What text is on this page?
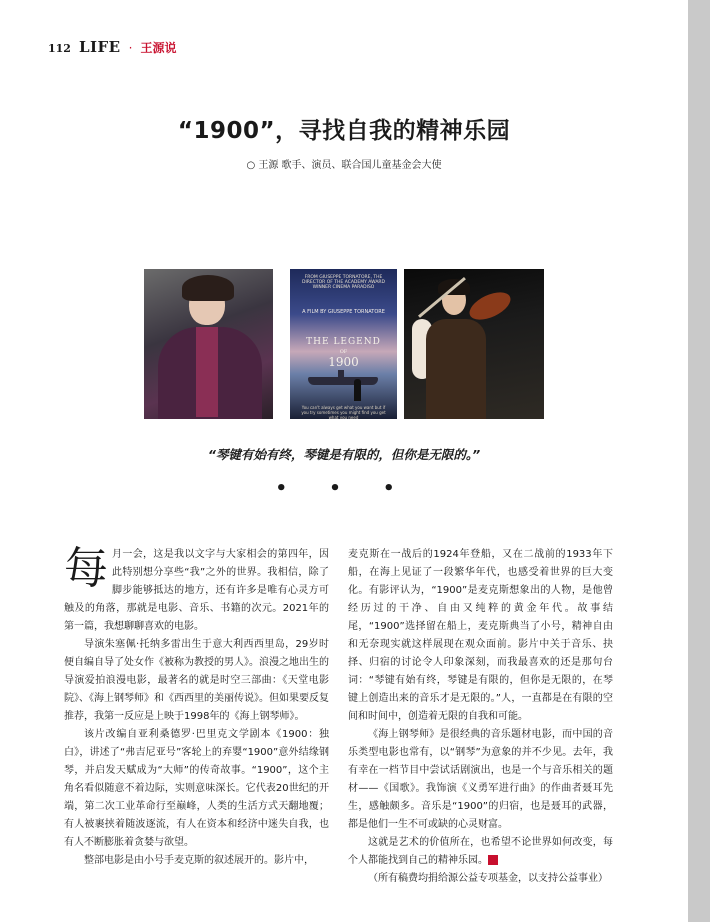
112 LIFE · 王源说
“1900”，寻找自我的精神乐园
○ 王源 歌手、演员、联合国儿童基金会大使
FROM GIUSEPPE TORNATORE, THE DIRECTOR OF THE ACADEMY AWARD WINNER CINEMA PARADISO
A FILM BY GIUSEPPE TORNATORE
THE LEGEND
OF
1900
You can't always get what you want but if you try sometimes you might find you get what you need
“琴键有始有终，琴键是有限的，但你是无限的。”
• • •

每月一会，这是我以文字与大家相会的第四年，因此特别想分享些“我”之外的世界。我相信，除了脚步能够抵达的地方，还有许多是唯有心灵方可触及的角落，那就是电影、音乐、书籍的次元。2021年的第一篇，我想聊聊喜欢的电影。

导演朱塞佩·托纳多雷出生于意大利西西里岛，29岁时便自编自导了处女作《被称为教授的男人》。浪漫之地出生的导演爱拍浪漫电影，最著名的就是时空三部曲：《天堂电影院》、《海上钢琴师》和《西西里的美丽传说》。但如果要反复推荐，我第一反应是上映于1998年的《海上钢琴师》。

该片改编自亚利桑德罗·巴里克文学剧本《1900：独白》，讲述了“弗吉尼亚号”客轮上的弃婴“1900”意外结缘钢琴，并启发天赋成为“大师”的传奇故事。“1900”，这个主角名看似随意不着边际，实则意味深长。它代表20世纪的开端，第二次工业革命行至巅峰，人类的生活方式天翻地覆；有人被裹挟着随波逐流，有人在资本和经济中迷失自我，也有人不断膨胀着贪婪与欲望。

整部电影是由小号手麦克斯的叙述展开的。影片中，

麦克斯在一战后的1924年登船，又在二战前的1933年下船，在海上见证了一段繁华年代，也感受着世界的巨大变化。有影评认为，“1900”是麦克斯想象出的人物，是他曾经历过的干净、自由又纯粹的黄金年代。故事结尾，“1900”选择留在船上，麦克斯典当了小号，精神自由和无奈现实就这样展现在观众面前。影片中关于音乐、抉择、归宿的讨论令人印象深刻，而我最喜欢的还是那句台词：“琴键有始有终，琴键是有限的，但你是无限的，在琴键上创造出来的音乐才是无限的。”人，一直都是在有限的空间和时间中，创造着无限的自我和可能。

《海上钢琴师》是很经典的音乐题材电影，而中国的音乐类型电影也常有，以“钢琴”为意象的并不少见。去年，我有幸在一档节目中尝试话剧演出，也是一个与音乐相关的题材——《国歌》。我饰演《义勇军进行曲》的作曲者聂耳先生，感触颇多。音乐是“1900”的归宿，也是聂耳的武器，都是他们一生不可或缺的心灵财富。

这就是艺术的价值所在，也希望不论世界如何改变，每个人都能找到自己的精神乐园。	G

（所有稿费均捐给源公益专项基金，以支持公益事业）
